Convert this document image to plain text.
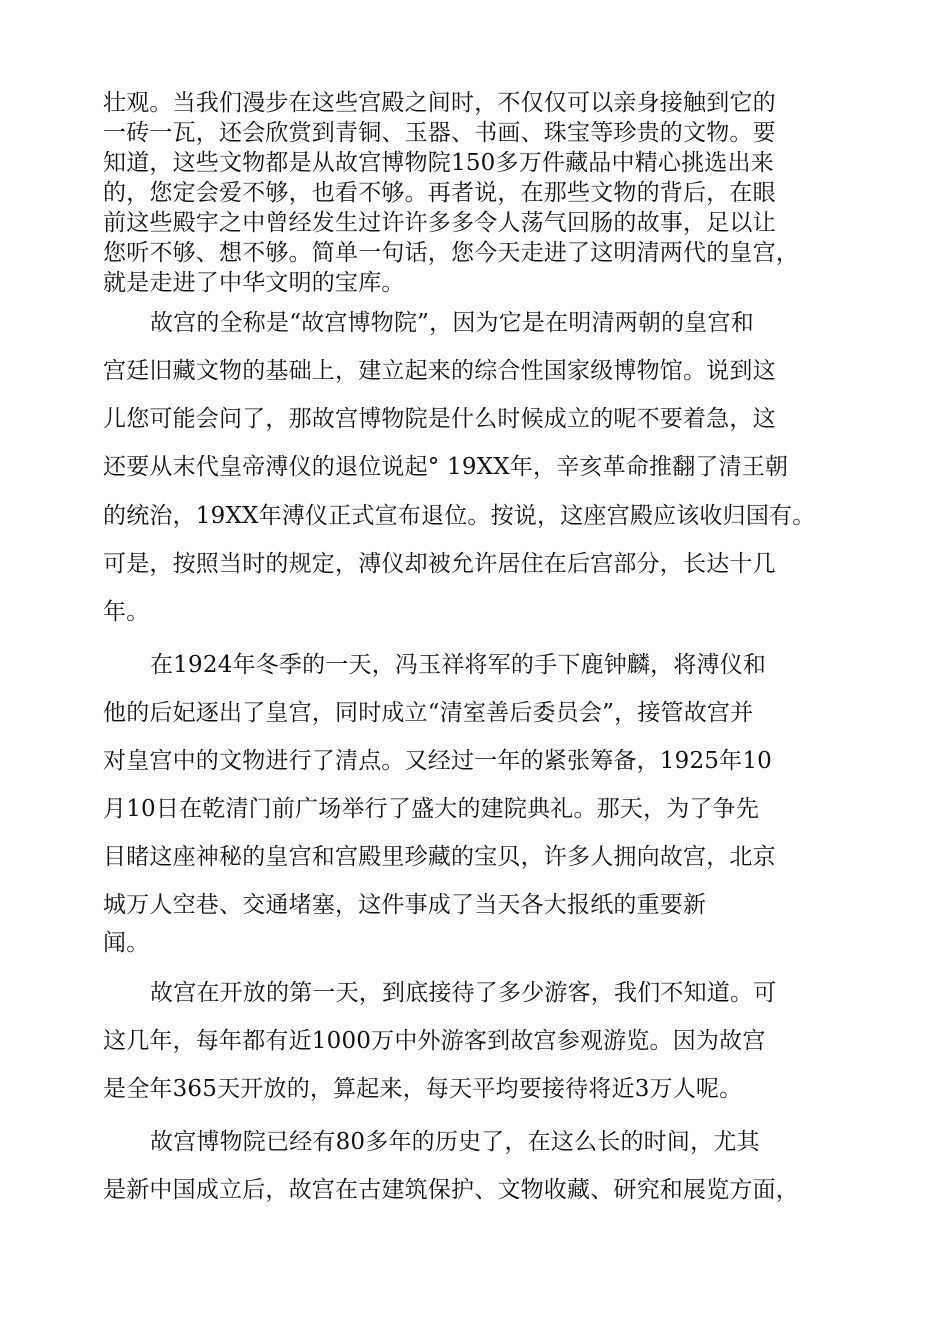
壮观。当我们漫步在这些宫殿之间时，不仅仅可以亲身接触到它的
一砖一瓦，还会欣赏到青铜、玉器、书画、珠宝等珍贵的文物。要
知道，这些文物都是从故宫博物院150多万件藏品中精心挑选出来
的，您定会爱不够，也看不够。再者说，在那些文物的背后，在眼
前这些殿宇之中曾经发生过许许多多令人荡气回肠的故事，足以让
您听不够、想不够。简单一句话，您今天走进了这明清两代的皇宫，
就是走进了中华文明的宝库。
故宫的全称是“故宫博物院”，因为它是在明清两朝的皇宫和
宫廷旧藏文物的基础上，建立起来的综合性国家级博物馆。说到这
儿您可能会问了，那故宫博物院是什么时候成立的呢不要着急，这
还要从末代皇帝溥仪的退位说起° 19XX年，辛亥革命推翻了清王朝
的统治，19XX年溥仪正式宣布退位。按说，这座宫殿应该收归国有。
可是，按照当时的规定，溥仪却被允许居住在后宫部分，长达十几
年。
在1924年冬季的一天，冯玉祥将军的手下鹿钟麟，将溥仪和
他的后妃逐出了皇宫，同时成立“清室善后委员会”，接管故宫并
对皇宫中的文物进行了清点。又经过一年的紧张筹备，1925年10
月10日在乾清门前广场举行了盛大的建院典礼。那天，为了争先
目睹这座神秘的皇宫和宫殿里珍藏的宝贝，许多人拥向故宫，北京
城万人空巷、交通堵塞，这件事成了当天各大报纸的重要新
闻。
故宫在开放的第一天，到底接待了多少游客，我们不知道。可
这几年，每年都有近1000万中外游客到故宫参观游览。因为故宫
是全年365天开放的，算起来，每天平均要接待将近3万人呢。
故宫博物院已经有80多年的历史了，在这么长的时间，尤其
是新中国成立后，故宫在古建筑保护、文物收藏、研究和展览方面，
